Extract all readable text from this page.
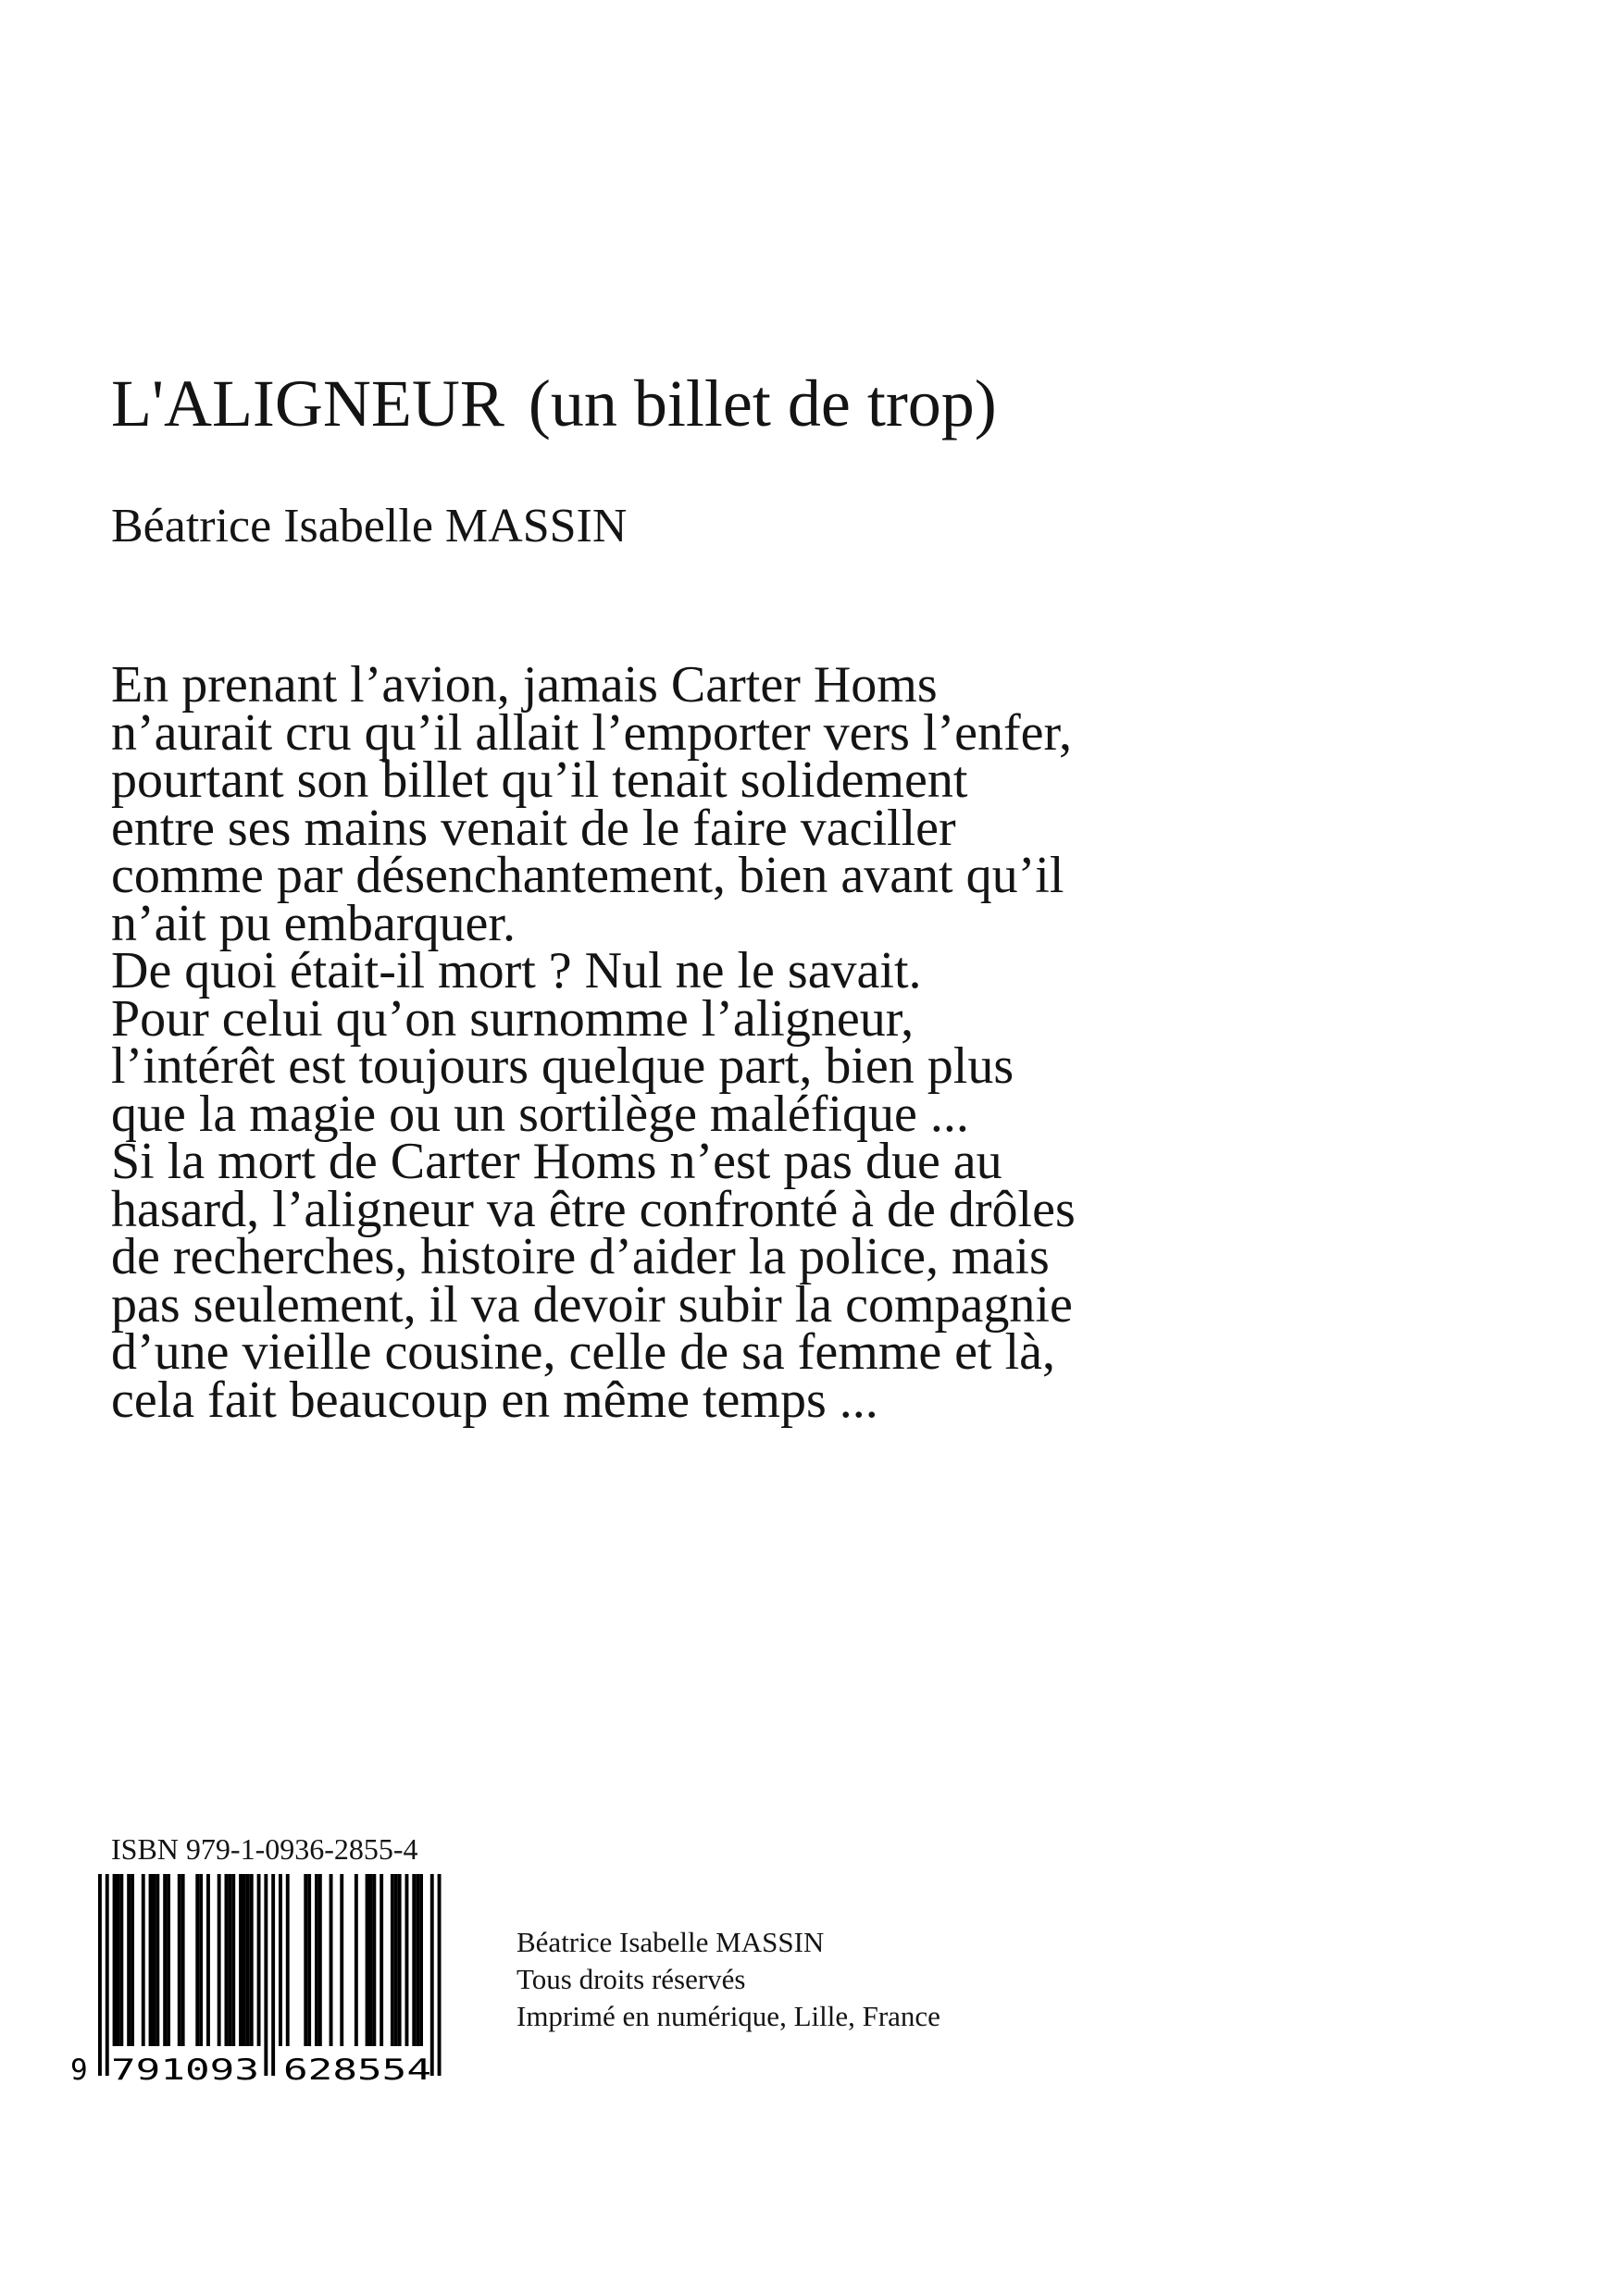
L'ALIGNEUR (un billet de trop)
Béatrice Isabelle MASSIN
En prenant l’avion, jamais Carter Homs
n’aurait cru qu’il allait l’emporter vers l’enfer,
pourtant son billet qu’il tenait solidement
entre ses mains venait de le faire vaciller
comme par désenchantement, bien avant qu’il
n’ait pu embarquer.
De quoi était-il mort ? Nul ne le savait.
Pour celui qu’on surnomme l’aligneur,
l’intérêt est toujours quelque part, bien plus
que la magie ou un sortilège maléfique ...
Si la mort de Carter Homs n’est pas due au
hasard, l’aligneur va être confronté à de drôles
de recherches, histoire d’aider la police, mais
pas seulement, il va devoir subir la compagnie
d’une vieille cousine, celle de sa femme et là,
cela fait beaucoup en même temps ...
ISBN 979-1-0936-2855-4
9 791093 628554
Béatrice Isabelle MASSIN
Tous droits réservés
Imprimé en numérique, Lille, France
